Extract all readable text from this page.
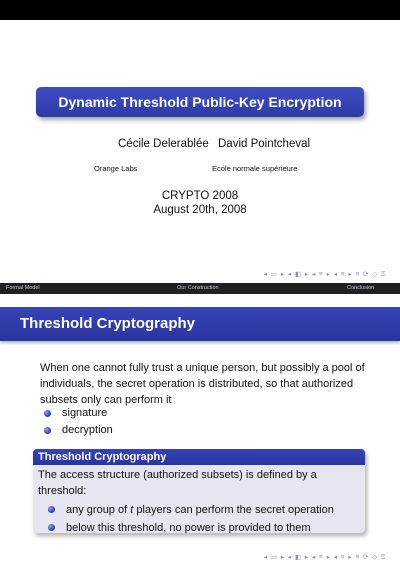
Dynamic Threshold Public-Key Encryption
Cécile Delerablée David Pointcheval
Orange Labs	Ecole normale supérieure
CRYPTO 2008
August 20th, 2008
◂ ▭ ▸ ◂ ◧ ▸ ◂ ≡ ▸ ◂ ≡ ▸ ≡ ⟳ ◇ ⍰
Formal Model	Our Construction	Conclusion
Threshold Cryptography
When one cannot fully trust a unique person, but possibly a pool of individuals, the secret operation is distributed, so that authorized subsets only can perform it
signature
decryption
Threshold Cryptography
The access structure (authorized subsets) is defined by a threshold:
any group of t players can perform the secret operation
below this threshold, no power is provided to them
◂ ▭ ▸ ◂ ◧ ▸ ◂ ≡ ▸ ◂ ≡ ▸ ≡ ⟳ ◇ ⍰
